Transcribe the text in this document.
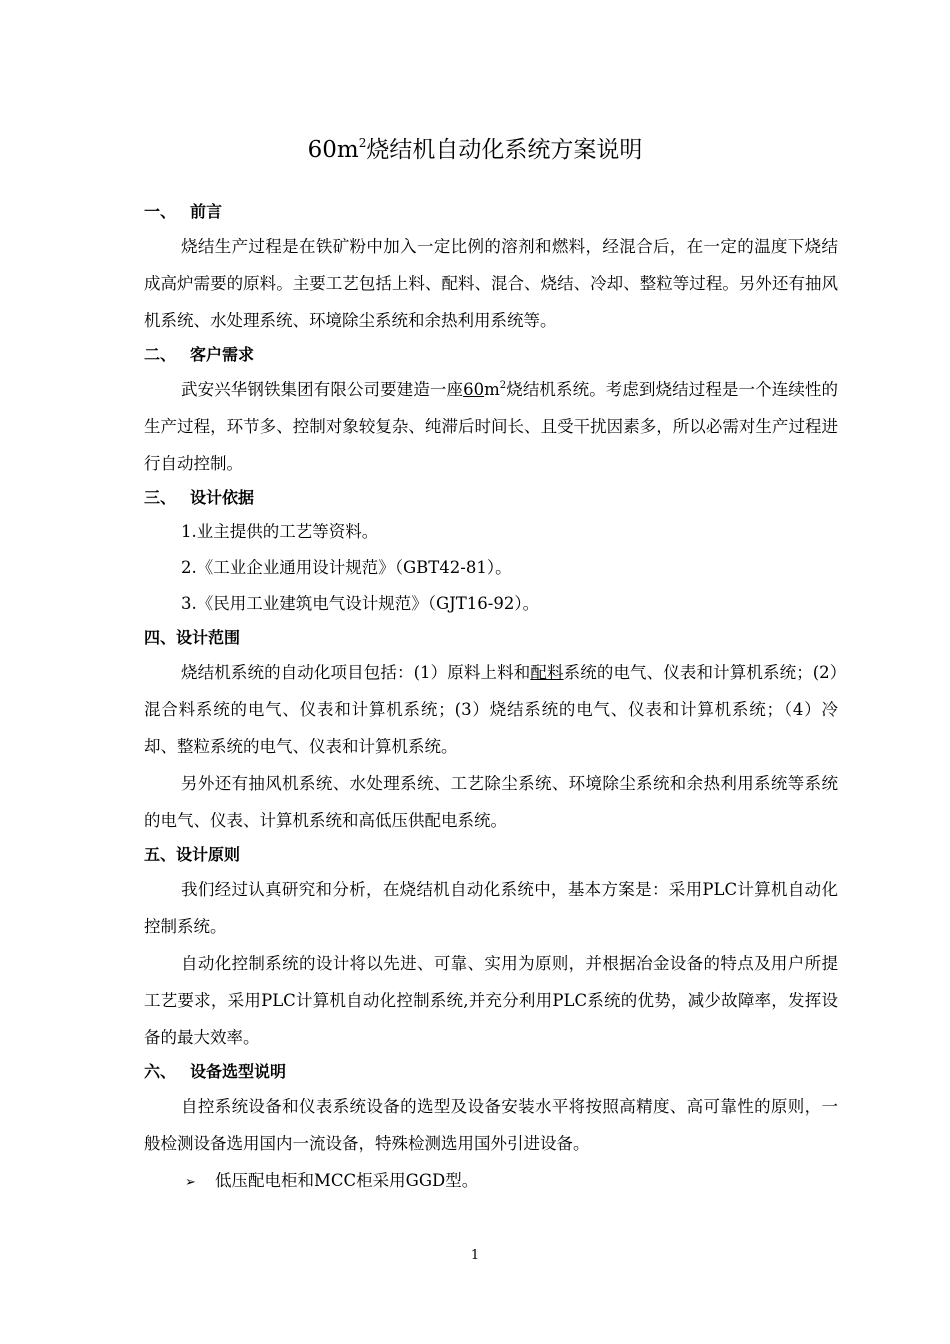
$60m^2$烧结机自动化系统方案说明
一、 前言

烧结生产过程是在铁矿粉中加入一定比例的溶剂和燃料，经混合后，在一定的温度下烧结成高炉需要的原料。主要工艺包括上料、配料、混合、烧结、冷却、整粒等过程。另外还有抽风机系统、水处理系统、环境除尘系统和余热利用系统等。

二、 客户需求

武安兴华钢铁集团有限公司要建造一座$60m^2$烧结机系统。考虑到烧结过程是一个连续性的生产过程，环节多、控制对象较复杂、纯滞后时间长、且受干扰因素多，所以必需对生产过程进行自动控制。

三、 设计依据
1.业主提供的工艺等资料。
2.《工业企业通用设计规范》（GBT42-81）。
3.《民用工业建筑电气设计规范》（GJT16-92）。
四、设计范围

烧结机系统的自动化项目包括：(1）原料上料和配料系统的电气、仪表和计算机系统；(2）混合料系统的电气、仪表和计算机系统；(3）烧结系统的电气、仪表和计算机系统；（4）冷却、整粒系统的电气、仪表和计算机系统。

另外还有抽风机系统、水处理系统、工艺除尘系统、环境除尘系统和余热利用系统等系统的电气、仪表、计算机系统和高低压供配电系统。

五、设计原则

我们经过认真研究和分析，在烧结机自动化系统中，基本方案是：采用PLC计算机自动化控制系统。

自动化控制系统的设计将以先进、可靠、实用为原则，并根据冶金设备的特点及用户所提工艺要求，采用PLC计算机自动化控制系统,并充分利用PLC系统的优势，减少故障率，发挥设备的最大效率。

六、 设备选型说明

自控系统设备和仪表系统设备的选型及设备安装水平将按照高精度、高可靠性的原则，一般检测设备选用国内一流设备，特殊检测选用国外引进设备。

➢ 低压配电柜和MCC柜采用GGD型。
1
